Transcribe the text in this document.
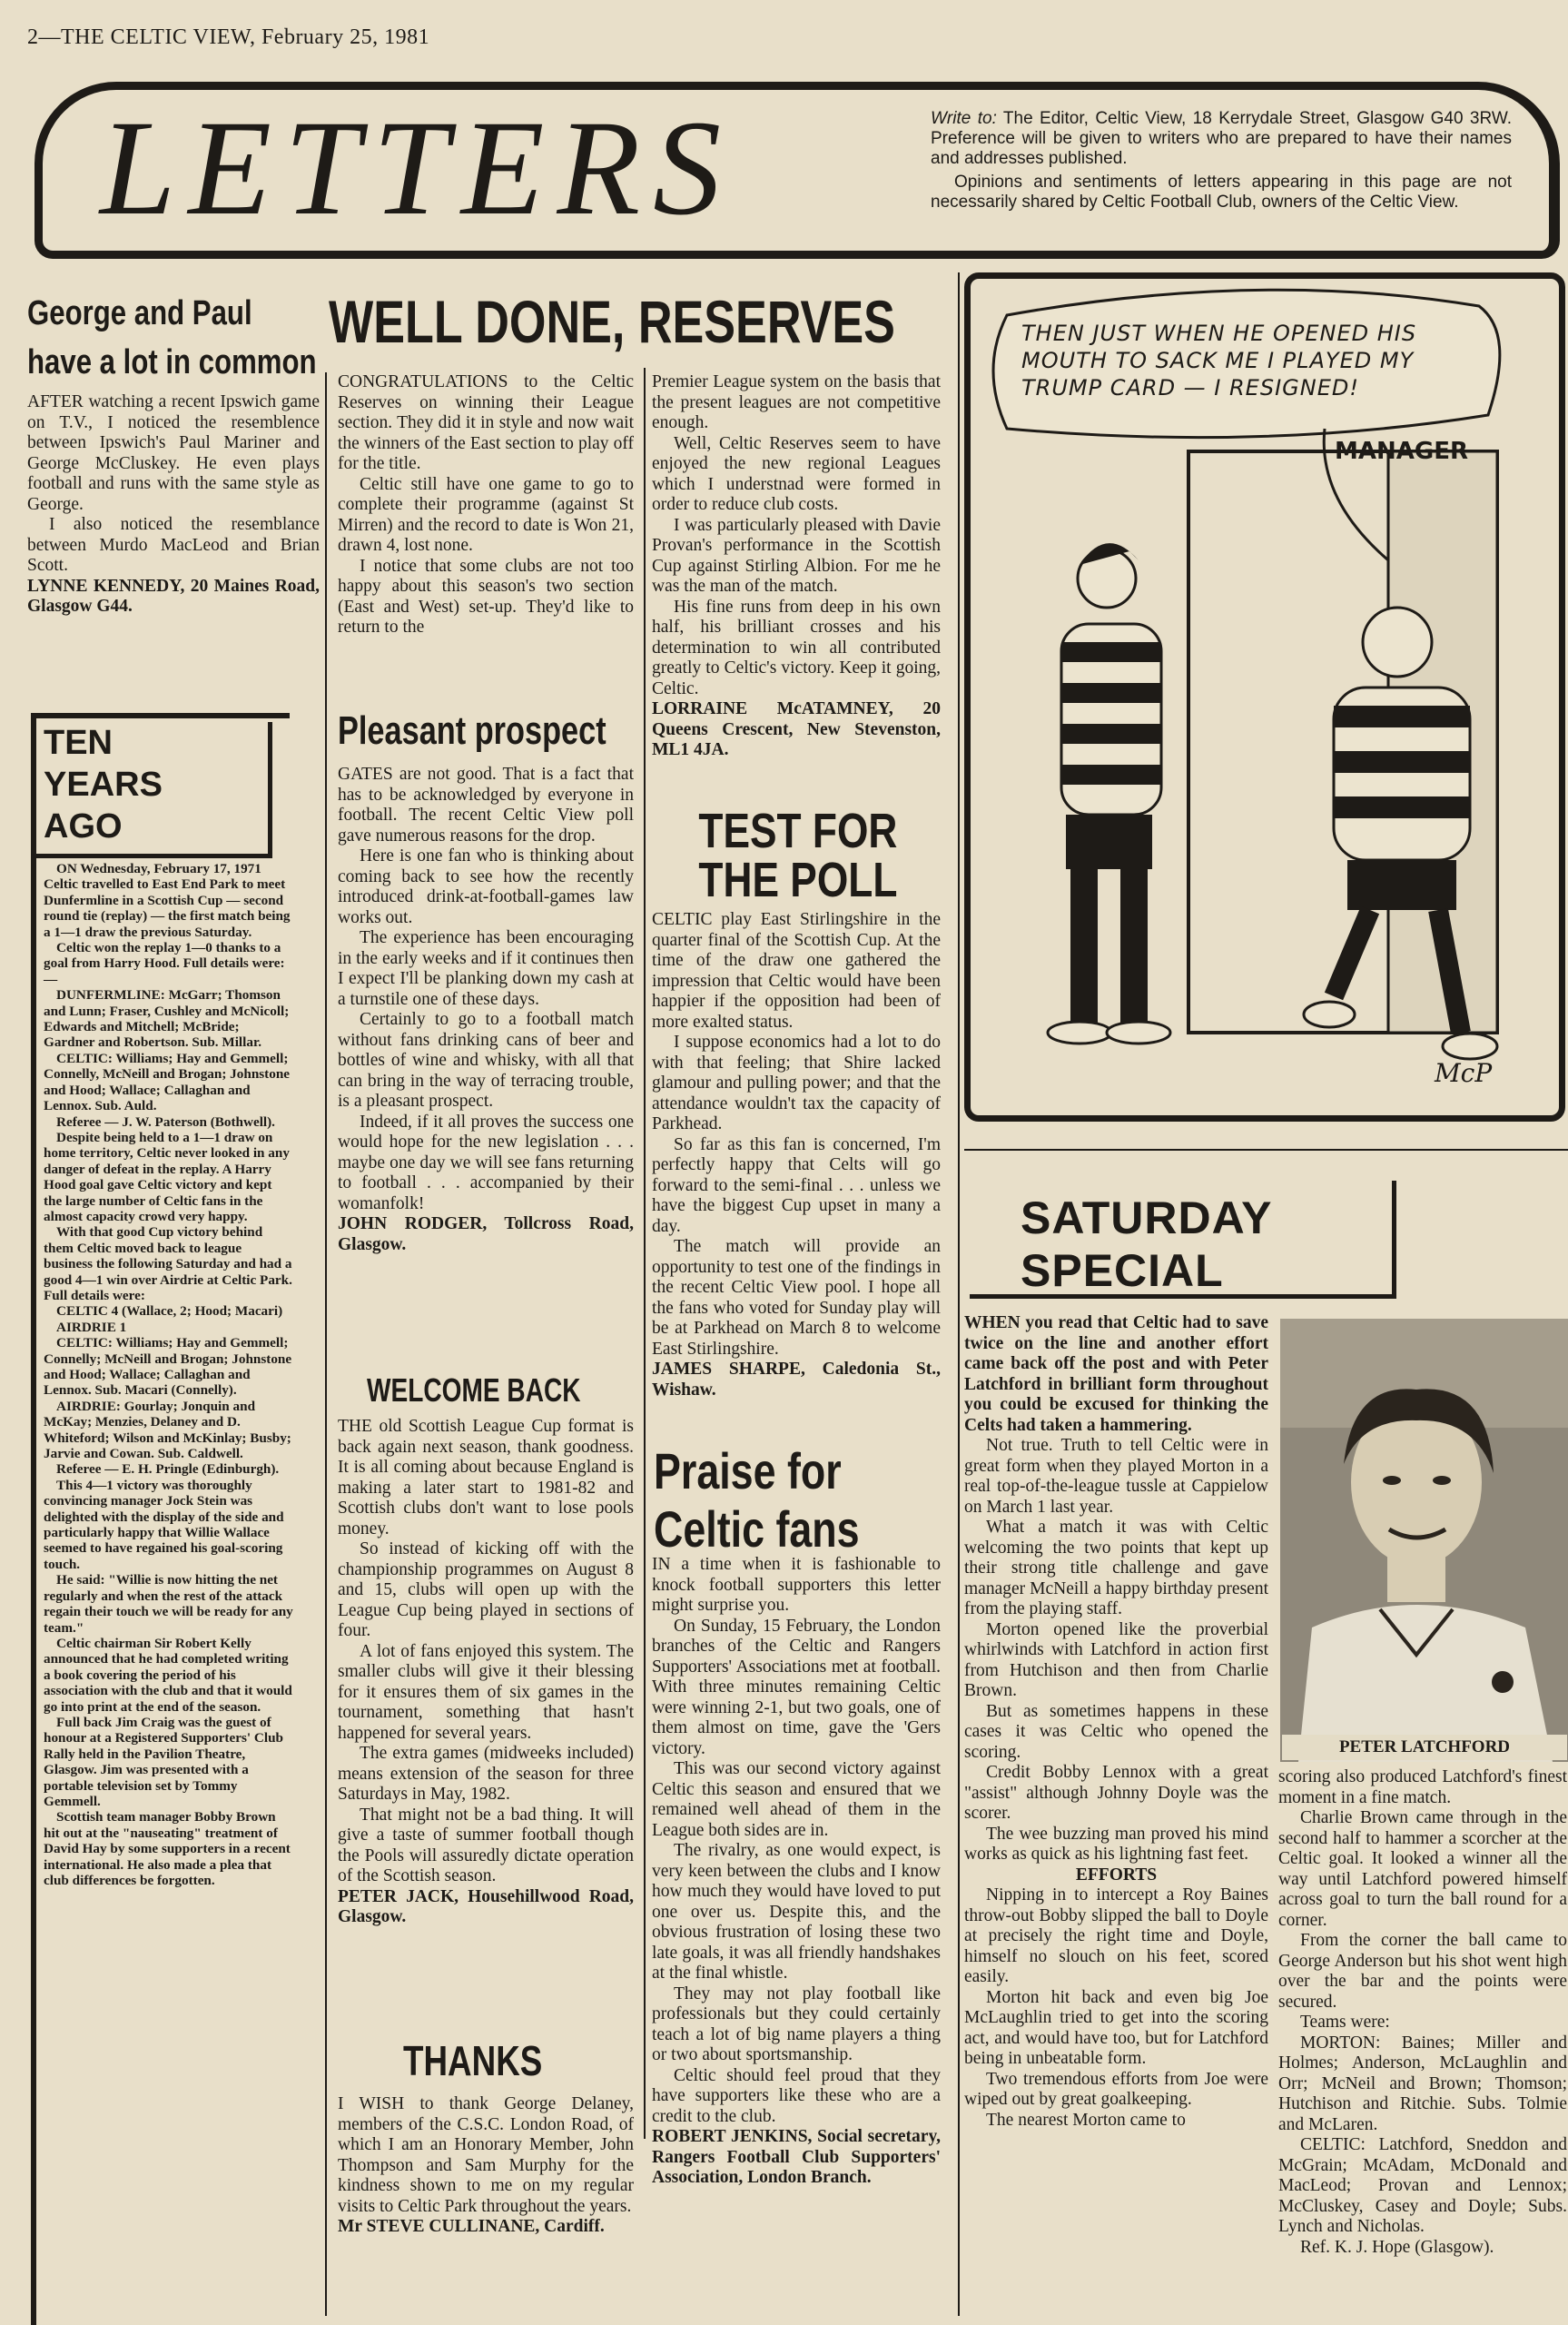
2—THE CELTIC VIEW, February 25, 1981
LETTERS	Write to: The Editor, Celtic View, 18 Kerrydale Street, Glasgow G40 3RW. Preference will be given to writers who are prepared to have their names and addresses published.

Opinions and sentiments of letters appearing in this page are not necessarily shared by Celtic Football Club, owners of the Celtic View.

George and Paul have a lot in common

AFTER watching a recent Ipswich game on T.V., I noticed the resemblence between Ipswich's Paul Mariner and George McCluskey. He even plays football and runs with the same style as George.

I also noticed the resemblance between Murdo MacLeod and Brian Scott.

LYNNE KENNEDY, 20 Maines Road, Glasgow G44.

TEN
YEARS
AGO

ON Wednesday, February 17, 1971 Celtic travelled to East End Park to meet Dunfermline in a Scottish Cup — second round tie (replay) — the first match being a 1—1 draw the previous Saturday.

Celtic won the replay 1—0 thanks to a goal from Harry Hood. Full details were:—

DUNFERMLINE: McGarr; Thomson and Lunn; Fraser, Cushley and McNicoll; Edwards and Mitchell; McBride; Gardner and Robertson. Sub. Millar.

CELTIC: Williams; Hay and Gemmell; Connelly, McNeill and Brogan; Johnstone and Hood; Wallace; Callaghan and Lennox. Sub. Auld.

Referee — J. W. Paterson (Bothwell).

Despite being held to a 1—1 draw on home territory, Celtic never looked in any danger of defeat in the replay. A Harry Hood goal gave Celtic victory and kept the large number of Celtic fans in the almost capacity crowd very happy.

With that good Cup victory behind them Celtic moved back to league business the following Saturday and had a good 4—1 win over Airdrie at Celtic Park. Full details were:

CELTIC 4 (Wallace, 2; Hood; Macari)

AIRDRIE 1

CELTIC: Williams; Hay and Gemmell; Connelly; McNeill and Brogan; Johnstone and Hood; Wallace; Callaghan and Lennox. Sub. Macari (Connelly).

AIRDRIE: Gourlay; Jonquin and McKay; Menzies, Delaney and D. Whiteford; Wilson and McKinlay; Busby; Jarvie and Cowan. Sub. Caldwell.

Referee — E. H. Pringle (Edinburgh).

This 4—1 victory was thoroughly convincing manager Jock Stein was delighted with the display of the side and particularly happy that Willie Wallace seemed to have regained his goal-scoring touch.

He said: "Willie is now hitting the net regularly and when the rest of the attack regain their touch we will be ready for any team."

Celtic chairman Sir Robert Kelly announced that he had completed writing a book covering the period of his association with the club and that it would go into print at the end of the season.

Full back Jim Craig was the guest of honour at a Registered Supporters' Club Rally held in the Pavilion Theatre, Glasgow. Jim was presented with a portable television set by Tommy Gemmell.

Scottish team manager Bobby Brown hit out at the "nauseating" treatment of David Hay by some supporters in a recent international. He also made a plea that club differences be forgotten.

WELL DONE, RESERVES

CONGRATULATIONS to the Celtic Reserves on winning their League section. They did it in style and now wait the winners of the East section to play off for the title.

Celtic still have one game to go to complete their programme (against St Mirren) and the record to date is Won 21, drawn 4, lost none.

I notice that some clubs are not too happy about this season's two section (East and West) set-up. They'd like to return to the

Premier League system on the basis that the present leagues are not competitive enough.

Well, Celtic Reserves seem to have enjoyed the new regional Leagues which I understnad were formed in order to reduce club costs.

I was particularly pleased with Davie Provan's performance in the Scottish Cup against Stirling Albion. For me he was the man of the match.

His fine runs from deep in his own half, his brilliant crosses and his determination to win all contributed greatly to Celtic's victory. Keep it going, Celtic.

LORRAINE McATAMNEY, 20 Queens Crescent, New Stevenston, ML1 4JA.

Pleasant prospect

GATES are not good. That is a fact that has to be acknowledged by everyone in football. The recent Celtic View poll gave numerous reasons for the drop.

Here is one fan who is thinking about coming back to see how the recently introduced drink-at-football-games law works out.

The experience has been encouraging in the early weeks and if it continues then I expect I'll be planking down my cash at a turnstile one of these days.

Certainly to go to a football match without fans drinking cans of beer and bottles of wine and whisky, with all that can bring in the way of terracing trouble, is a pleasant prospect.

Indeed, if it all proves the success one would hope for the new legislation . . . maybe one day we will see fans returning to football . . . accompanied by their womanfolk!

JOHN RODGER, Tollcross Road, Glasgow.

WELCOME BACK

THE old Scottish League Cup format is back again next season, thank goodness. It is all coming about because England is making a later start to 1981-82 and Scottish clubs don't want to lose pools money.

So instead of kicking off with the championship programmes on August 8 and 15, clubs will open up with the League Cup being played in sections of four.

A lot of fans enjoyed this system. The smaller clubs will give it their blessing for it ensures them of six games in the tournament, something that hasn't happened for several years.

The extra games (midweeks included) means extension of the season for three Saturdays in May, 1982.

That might not be a bad thing. It will give a taste of summer football though the Pools will assuredly dictate operation of the Scottish season.

PETER JACK, Househillwood Road, Glasgow.

THANKS

I WISH to thank George Delaney, members of the C.S.C. London Road, of which I am an Honorary Member, John Thompson and Sam Murphy for the kindness shown to me on my regular visits to Celtic Park throughout the years.

Mr STEVE CULLINANE, Cardiff.

TEST FOR
THE POLL

CELTIC play East Stirlingshire in the quarter final of the Scottish Cup. At the time of the draw one gathered the impression that Celtic would have been happier if the opposition had been of more exalted status.

I suppose economics had a lot to do with that feeling; that Shire lacked glamour and pulling power; and that the attendance wouldn't tax the capacity of Parkhead.

So far as this fan is concerned, I'm perfectly happy that Celts will go forward to the semi-final . . . unless we have the biggest Cup upset in many a day.

The match will provide an opportunity to test one of the findings in the recent Celtic View pool. I hope all the fans who voted for Sunday play will be at Parkhead on March 8 to welcome East Stirlingshire.

JAMES SHARPE, Caledonia St., Wishaw.

Praise for
Celtic fans

IN a time when it is fashionable to knock football supporters this letter might surprise you.

On Sunday, 15 February, the London branches of the Celtic and Rangers Supporters' Associations met at football. With three minutes remaining Celtic were winning 2-1, but two goals, one of them almost on time, gave the 'Gers victory.

This was our second victory against Celtic this season and ensured that we remained well ahead of them in the League both sides are in.

The rivalry, as one would expect, is very keen between the clubs and I know how much they would have loved to put one over us. Despite this, and the obvious frustration of losing these two late goals, it was all friendly handshakes at the final whistle.

They may not play football like professionals but they could certainly teach a lot of big name players a thing or two about sportsmanship.

Celtic should feel proud that they have supporters like these who are a credit to the club.

ROBERT JENKINS, Social secretary, Rangers Football Club Supporters' Association, London Branch.

THEN JUST WHEN HE OPENED HIS MOUTH TO SACK ME I PLAYED MY TRUMP CARD — I RESIGNED!
MANAGER
McP
SATURDAY
SPECIAL

WHEN you read that Celtic had to save twice on the line and another effort came back off the post and with Peter Latchford in brilliant form throughout you could be excused for thinking the Celts had taken a hammering.

Not true. Truth to tell Celtic were in great form when they played Morton in a real top-of-the-league tussle at Cappielow on March 1 last year.

What a match it was with Celtic welcoming the two points that kept up their strong title challenge and gave manager McNeill a happy birthday present from the playing staff.

Morton opened like the proverbial whirlwinds with Latchford in action first from Hutchison and then from Charlie Brown.

But as sometimes happens in these cases it was Celtic who opened the scoring.

Credit Bobby Lennox with a great "assist" although Johnny Doyle was the scorer.

The wee buzzing man proved his mind works as quick as his lightning fast feet.

EFFORTS

Nipping in to intercept a Roy Baines throw-out Bobby slipped the ball to Doyle at precisely the right time and Doyle, himself no slouch on his feet, scored easily.

Morton hit back and even big Joe McLaughlin tried to get into the scoring act, and would have too, but for Latchford being in unbeatable form.

Two tremendous efforts from Joe were wiped out by great goalkeeping.

The nearest Morton came to

PETER LATCHFORD

scoring also produced Latchford's finest moment in a fine match.

Charlie Brown came through in the second half to hammer a scorcher at the Celtic goal. It looked a winner all the way until Latchford powered himself across goal to turn the ball round for a corner.

From the corner the ball came to George Anderson but his shot went high over the bar and the points were secured.

Teams were:

MORTON: Baines; Miller and Holmes; Anderson, McLaughlin and Orr; McNeil and Brown; Thomson; Hutchison and Ritchie. Subs. Tolmie and McLaren.

CELTIC: Latchford, Sneddon and McGrain; McAdam, McDonald and MacLeod; Provan and Lennox; McCluskey, Casey and Doyle; Subs. Lynch and Nicholas.

Ref. K. J. Hope (Glasgow).
